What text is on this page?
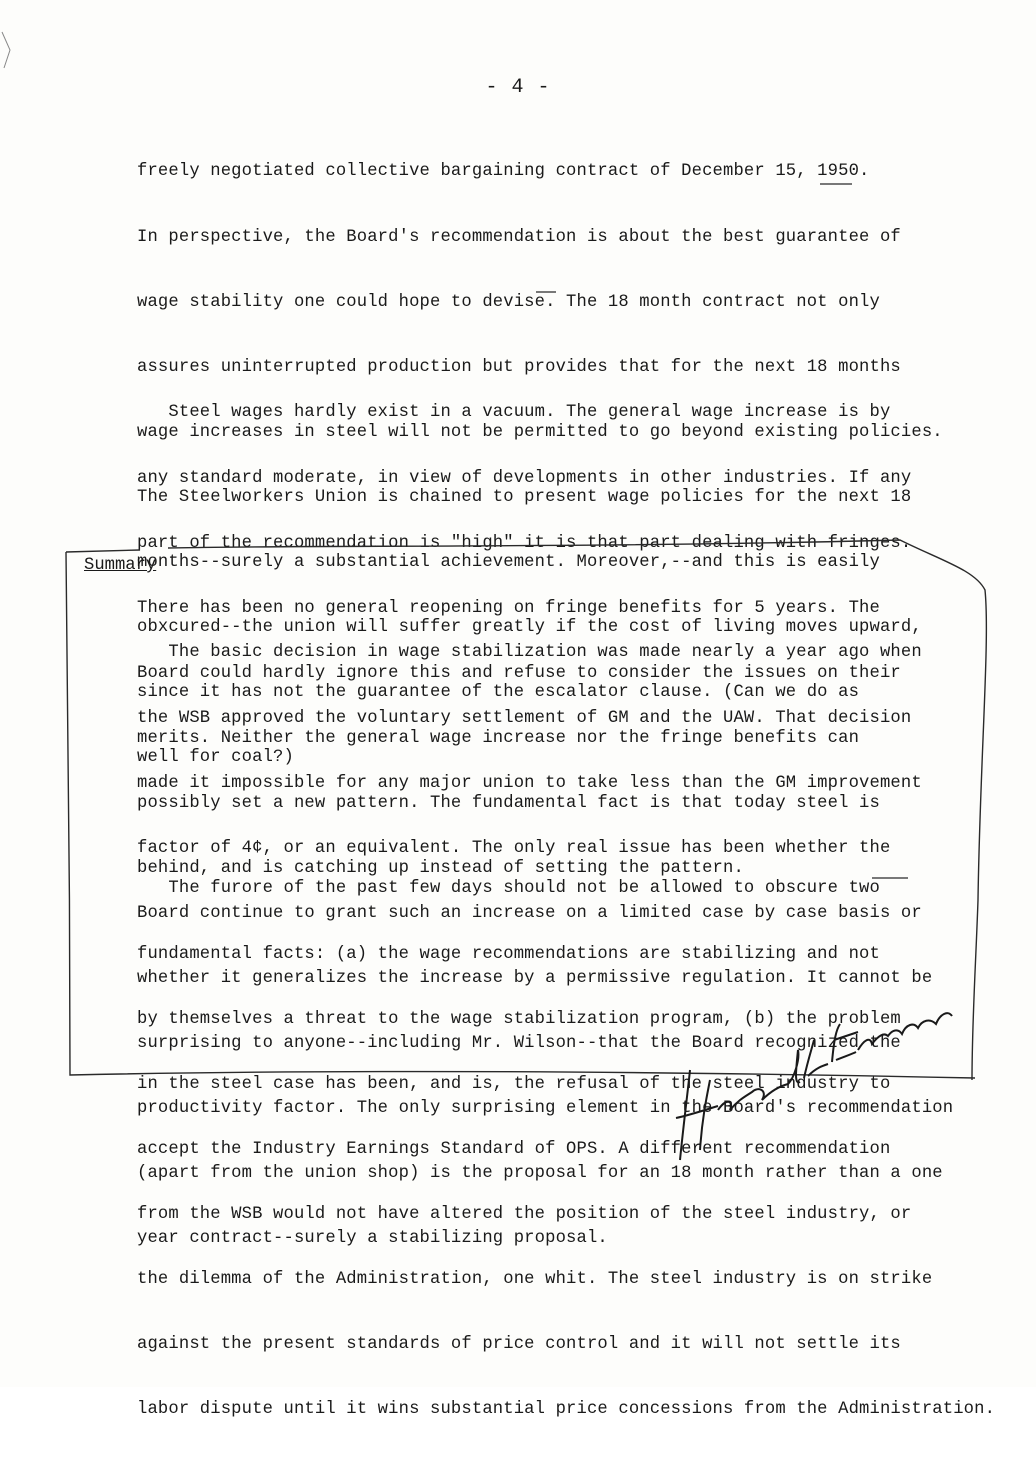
- 4 -

freely negotiated collective bargaining contract of December 15, 1950.

In perspective, the Board's recommendation is about the best guarantee of

wage stability one could hope to devise. The 18 month contract not only

assures uninterrupted production but provides that for the next 18 months

wage increases in steel will not be permitted to go beyond existing policies.

The Steelworkers Union is chained to present wage policies for the next 18

months--surely a substantial achievement. Moreover,--and this is easily

obxcured--the union will suffer greatly if the cost of living moves upward,

since it has not the guarantee of the escalator clause. (Can we do as

well for coal?)

Steel wages hardly exist in a vacuum. The general wage increase is by

any standard moderate, in view of developments in other industries. If any

part of the recommendation is "high" it is that part dealing with fringes.

There has been no general reopening on fringe benefits for 5 years. The

Board could hardly ignore this and refuse to consider the issues on their

merits. Neither the general wage increase nor the fringe benefits can

possibly set a new pattern. The fundamental fact is that today steel is

behind, and is catching up instead of setting the pattern.

Summary

The basic decision in wage stabilization was made nearly a year ago when

the WSB approved the voluntary settlement of GM and the UAW. That decision

made it impossible for any major union to take less than the GM improvement

factor of 4¢, or an equivalent. The only real issue has been whether the

Board continue to grant such an increase on a limited case by case basis or

whether it generalizes the increase by a permissive regulation. It cannot be

surprising to anyone--including Mr. Wilson--that the Board recognized the

productivity factor. The only surprising element in the Board's recommendation

(apart from the union shop) is the proposal for an 18 month rather than a one

year contract--surely a stabilizing proposal.

The furore of the past few days should not be allowed to obscure two

fundamental facts: (a) the wage recommendations are stabilizing and not

by themselves a threat to the wage stabilization program, (b) the problem

in the steel case has been, and is, the refusal of the steel industry to

accept the Industry Earnings Standard of OPS. A different recommendation

from the WSB would not have altered the position of the steel industry, or

the dilemma of the Administration, one whit. The steel industry is on strike

against the present standards of price control and it will not settle its

labor dispute until it wins substantial price concessions from the Administration.
